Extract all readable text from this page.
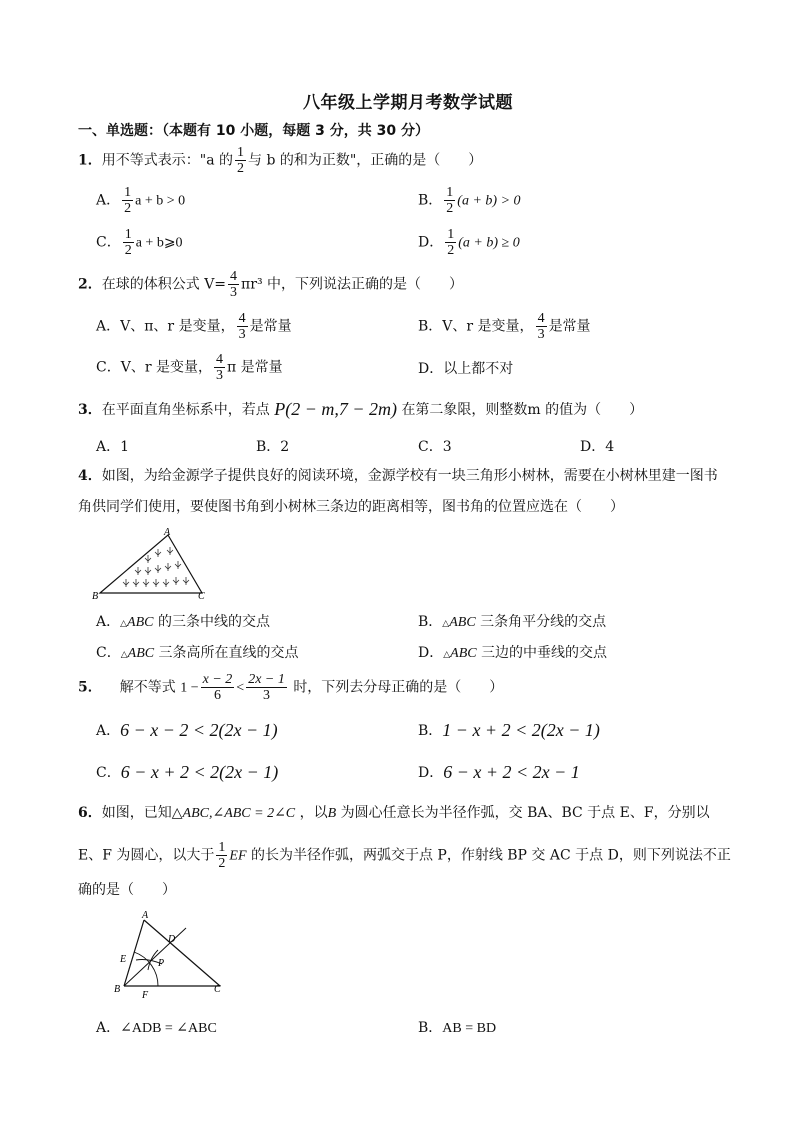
八年级上学期月考数学试题
一、单选题：（本题有 10 小题，每题 3 分，共 30 分）
1．用不等式表示："a 的 $\frac{1}{2}$ 与 b 的和为正数"，正确的是（　　）
A． $\frac{1}{2}$ a + b > 0	B． $\frac{1}{2} (a + b) > 0$
C． $\frac{1}{2}$ a + b⩾0	D． $\frac{1}{2} (a + b) \ge 0$
2．在球的体积公式 $V= \frac{4}{3} \pi r^3$ 中，下列说法正确的是（　　）
A．V、π、r 是变量， $\frac{4}{3}$ 是常量	B．V、r 是变量， $\frac{4}{3}$ 是常量
C．V、r 是变量， $\frac{4}{3}$ π 是常量	D．以上都不对
3．在平面直角坐标系中，若点 P(2 − m,7 − 2m) 在第二象限，则整数m 的值为（　　）
A．1	B．2	C．3	D．4
4．如图，为给金源学子提供良好的阅读环境，金源学校有一块三角形小树林，需要在小树林里建一图书
角供同学们使用，要使图书角到小树林三条边的距离相等，图书角的位置应选在（　　）
A
B	C
A．△ABC 的三条中线的交点	B．△ABC 三条角平分线的交点
C．△ABC 三条高所在直线的交点	D．△ABC 三边的中垂线的交点
5． 解不等式 $1 - \frac{x - 2}{6} < \frac{2x - 1}{3}$ 时，下列去分母正确的是（　　）
A．6 − x − 2 < 2(2x − 1)	B．1 − x + 2 < 2(2x − 1)
C．6 − x + 2 < 2(2x − 1)	D．6 − x + 2 < 2x − 1
6．如图，已知△ABC,∠ABC = 2∠C ，以B 为圆心任意长为半径作弧，交 BA、BC 于点 E、F，分别以
E、F 为圆心，以大于 $\frac{1}{2}$ EF 的长为半径作弧，两弧交于点 P，作射线 BP 交 AC 于点 D，则下列说法不正
确的是（　　）
A
D
E	P
B
F
C
A．∠ADB = ∠ABC	B．AB = BD
